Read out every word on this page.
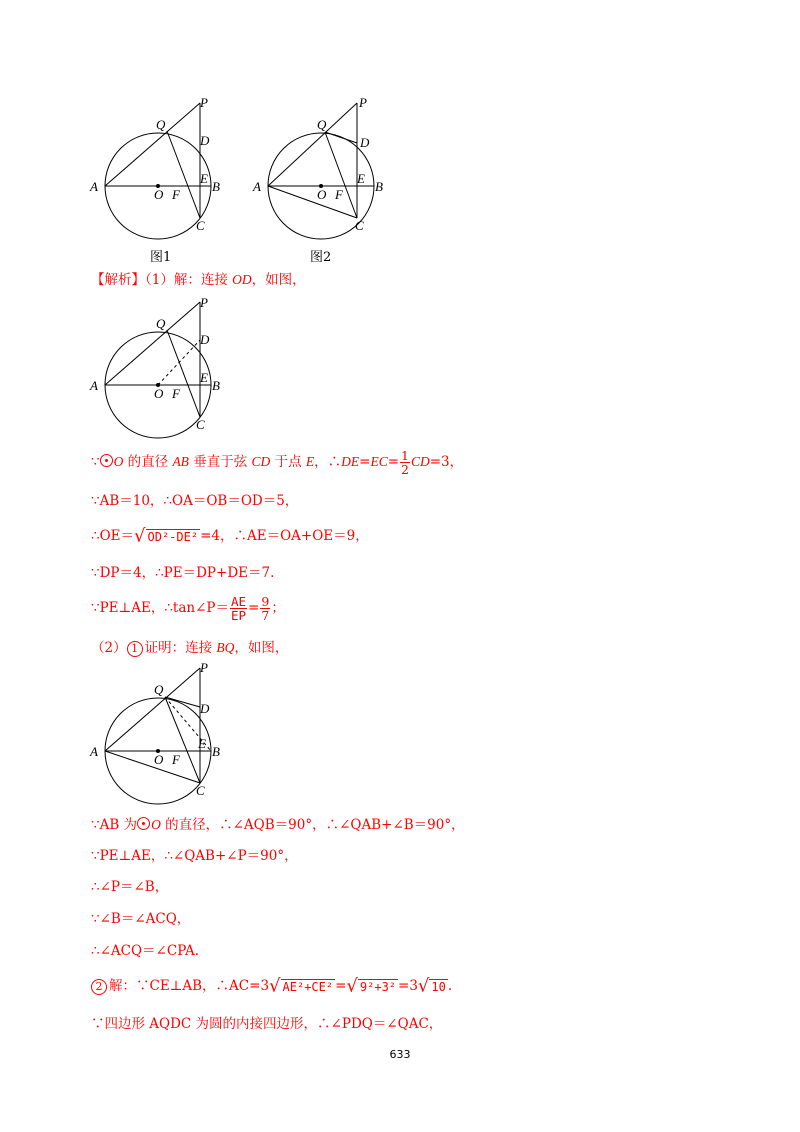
A	B
C
D
E
F
O
P
Q
图1
A	B
C
D
E
F
O
P
Q
图2
【解析】（1）解：连接 OD，如图，
A	B
C
D
E
F
O
P
Q
∵ O 的直径 AB 垂直于弦 CD 于点 E，∴DE=EC= $\frac{1}{2} CD=3$，
∵AB＝10，∴OA＝OB＝OD＝5，
∴OE＝√ OD²-DE² =4，∴AE＝OA+OE＝9，
∵DP＝4，∴PE＝DP+DE＝7.
∵PE⊥AE，∴tan∠P＝ $\frac{AE}{EP} = \frac{9}{7}$ ；
（2） 1 证明：连接 BQ，如图，
A	B
C
D
E
F
O
P
Q
∵AB 为 O 的直径，∴∠AQB＝90°，∴∠QAB+∠B＝90°，
∵PE⊥AE，∴∠QAB+∠P＝90°，
∴∠P＝∠B，
∵∠B＝∠ACQ，
∴∠ACQ＝∠CPA.
2 解：∵CE⊥AB，∴AC=3√ AE²+CE² =√ 9²+3² =3√ 10 .
∵四边形 AQDC 为圆的内接四边形，∴∠PDQ＝∠QAC，
633
